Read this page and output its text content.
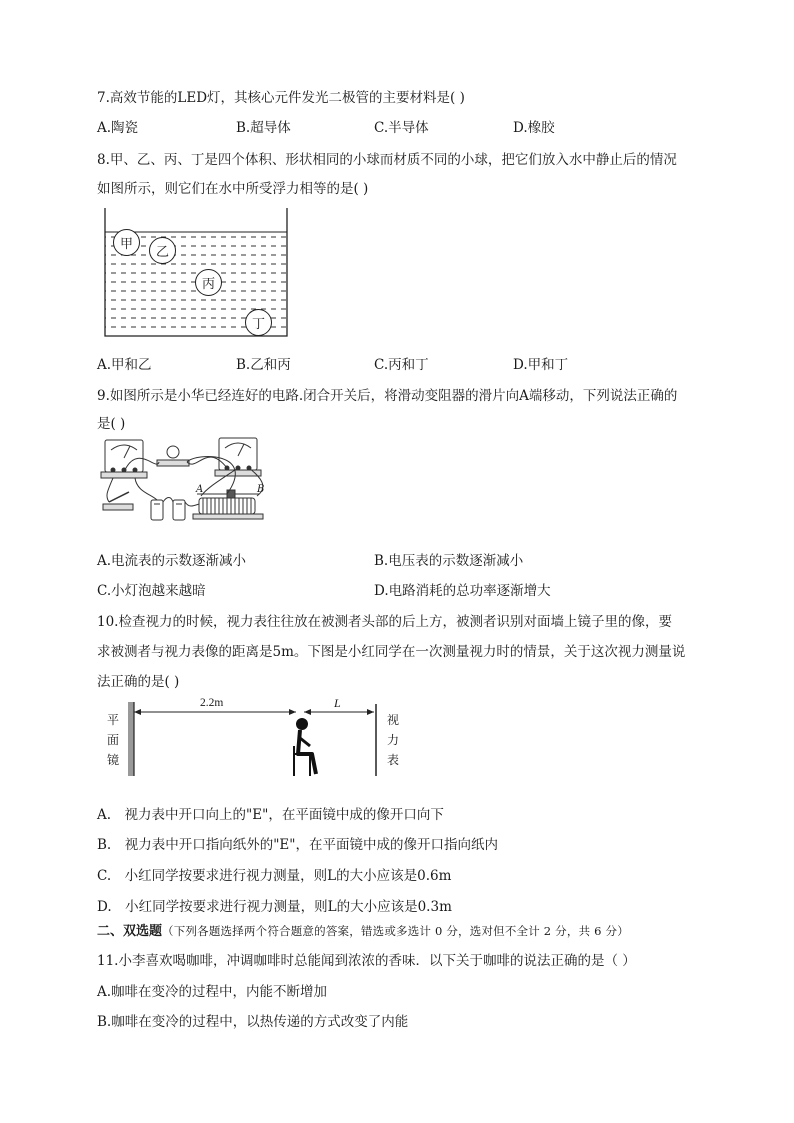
7.高效节能的LED灯，其核心元件发光二极管的主要材料是( )
A.陶瓷	B.超导体	C.半导体	D.橡胶
8.甲、乙、丙、丁是四个体积、形状相同的小球而材质不同的小球，把它们放入水中静止后的情况
如图所示，则它们在水中所受浮力相等的是( )
甲
乙
丙
丁
A.甲和乙	B.乙和丙	C.丙和丁	D.甲和丁
9.如图所示是小华已经连好的电路.闭合开关后，将滑动变阻器的滑片向A端移动，下列说法正确的
是( )
A	B
A.电流表的示数逐渐减小	B.电压表的示数逐渐减小
C.小灯泡越来越暗	D.电路消耗的总功率逐渐增大
10.检查视力的时候，视力表往往放在被测者头部的后上方，被测者识别对面墙上镜子里的像，要
求被测者与视力表像的距离是5m。下图是小红同学在一次测量视力时的情景，关于这次视力测量说
法正确的是( )
平
面
镜
2.2m	L
视
力
表
A.　视力表中开口向上的"E"，在平面镜中成的像开口向下
B.　视力表中开口指向纸外的"E"，在平面镜中成的像开口指向纸内
C.　小红同学按要求进行视力测量，则L的大小应该是0.6m
D.　小红同学按要求进行视力测量，则L的大小应该是0.3m
二、双选题（下列各题选择两个符合题意的答案，错选或多选计 0 分，选对但不全计 2 分，共 6 分）
11.小李喜欢喝咖啡，冲调咖啡时总能闻到浓浓的香味．以下关于咖啡的说法正确的是（ ）
A.咖啡在变冷的过程中，内能不断增加
B.咖啡在变冷的过程中，以热传递的方式改变了内能
